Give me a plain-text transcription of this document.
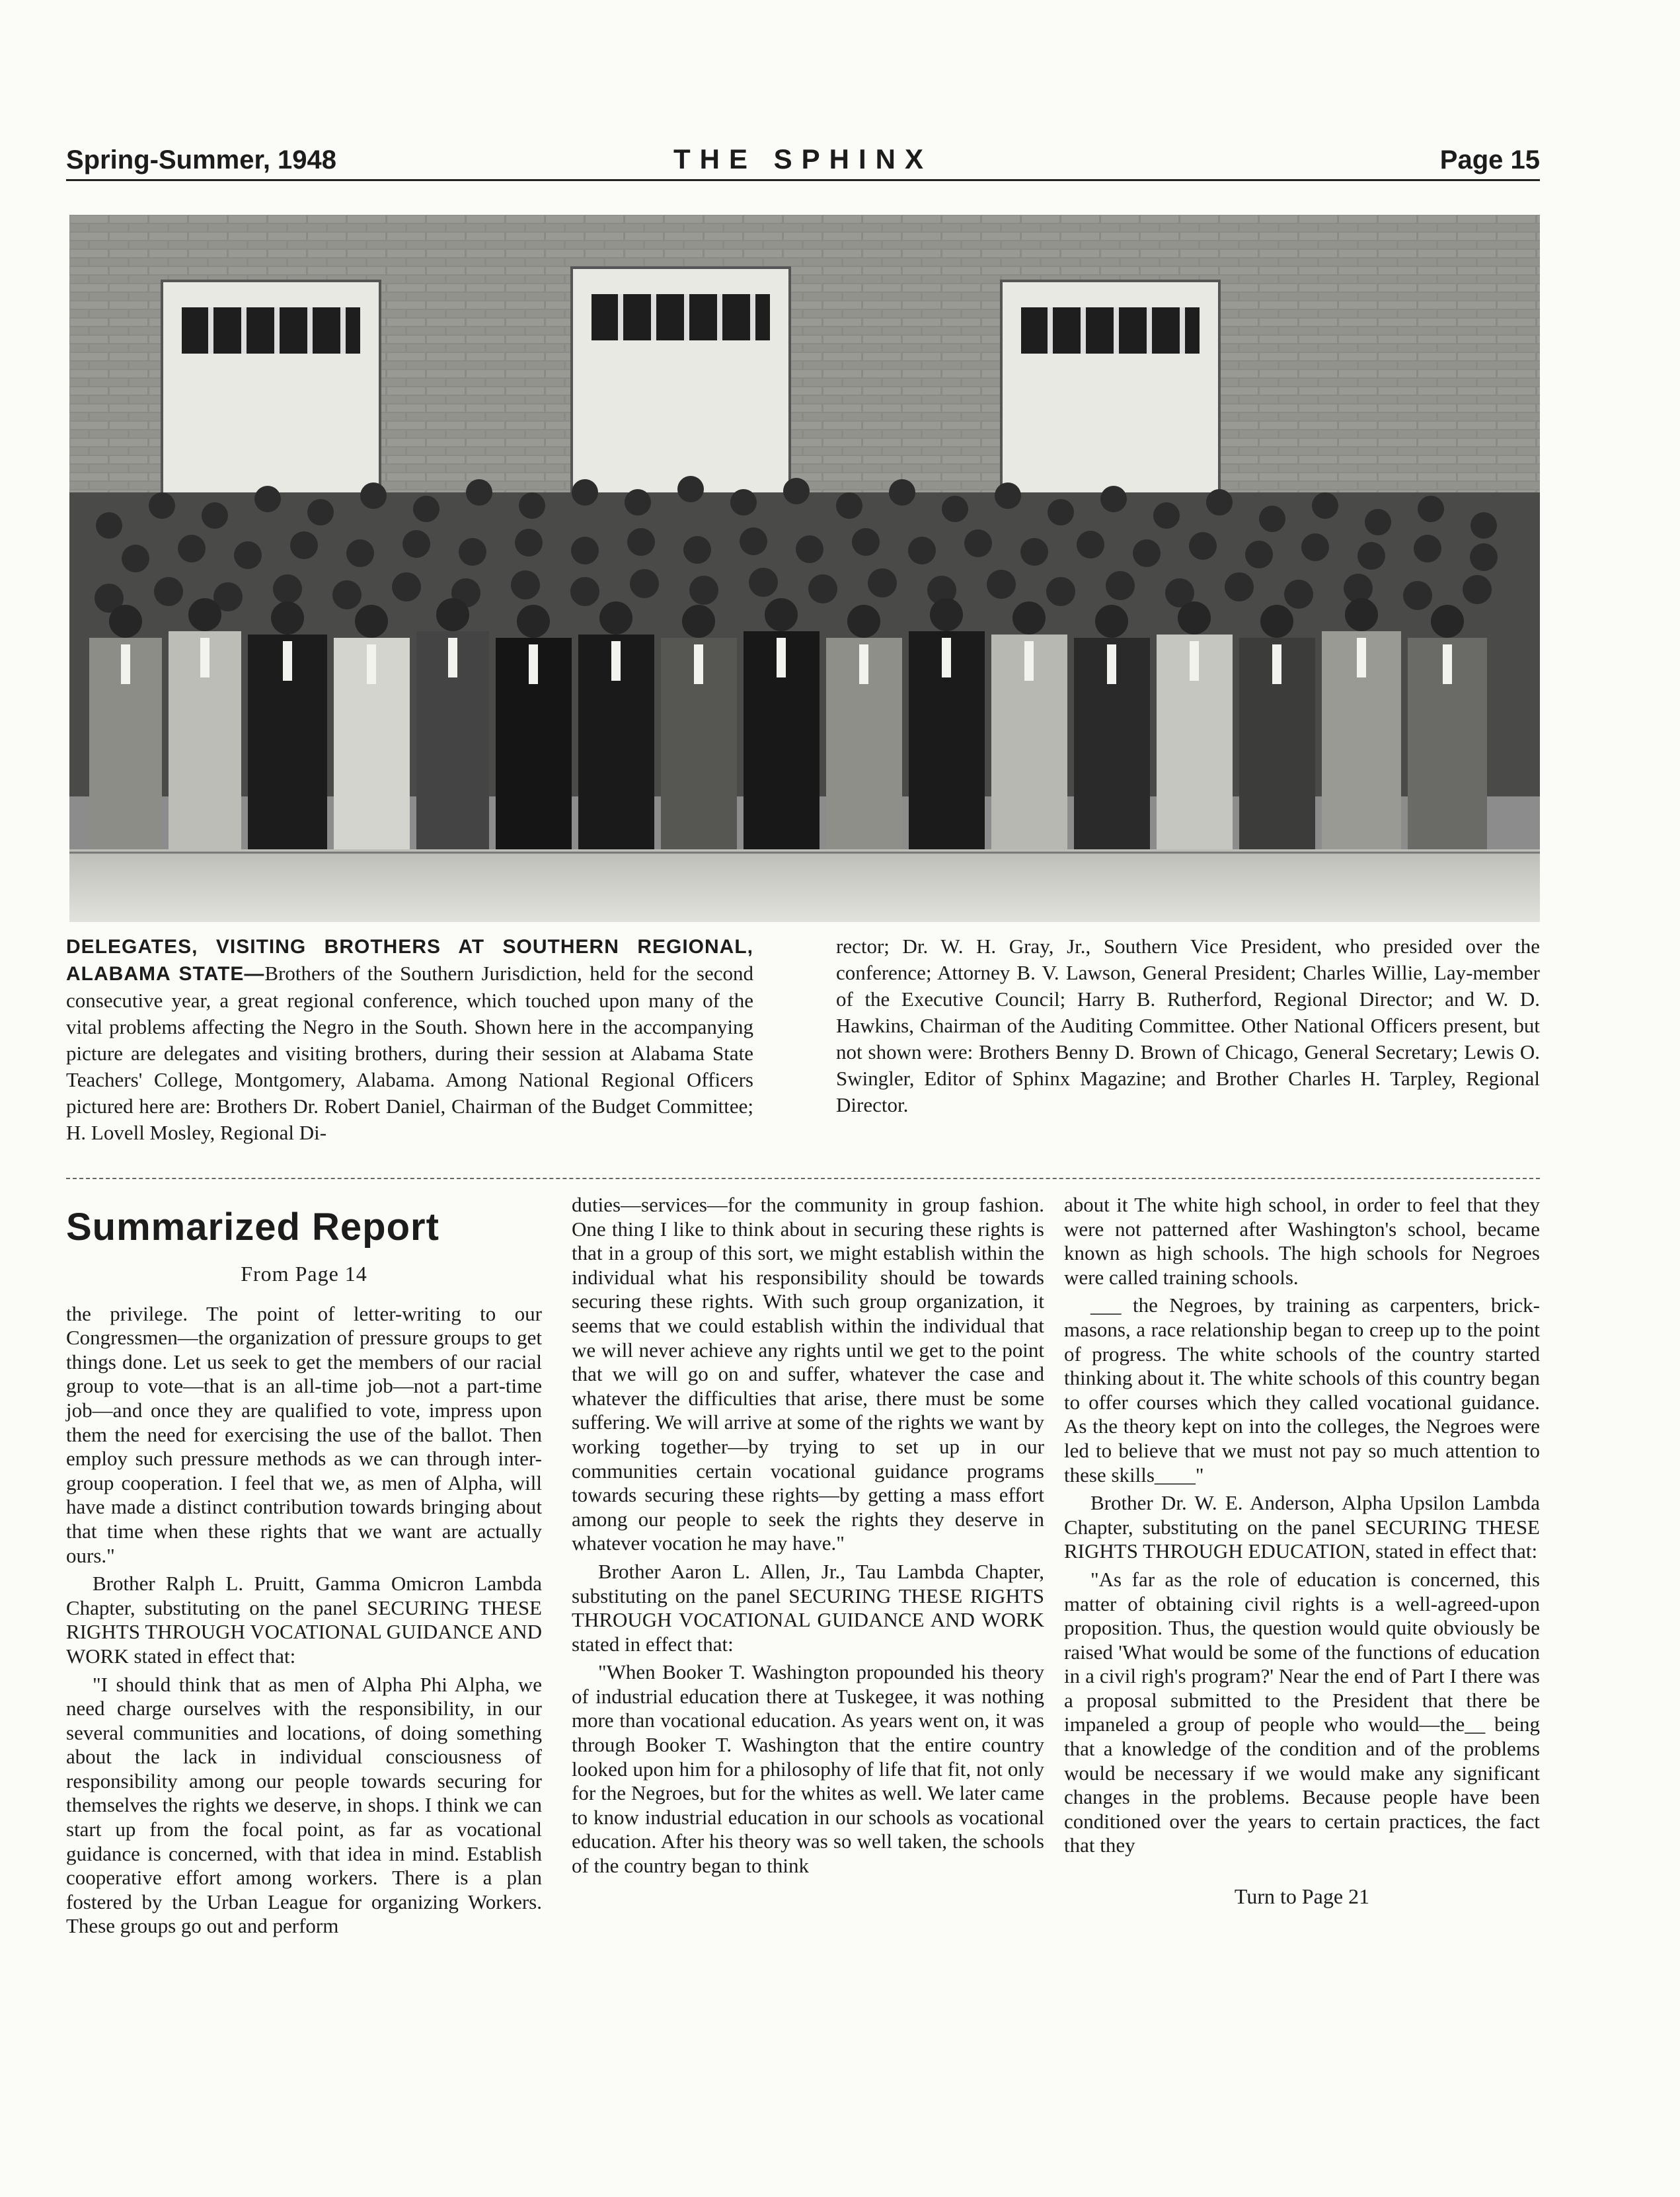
Spring-Summer, 1948	THE SPHINX	Page 15
DELEGATES, VISITING BROTHERS AT SOUTHERN REGIONAL, ALABAMA STATE—Brothers of the Southern Jurisdiction, held for the second consecutive year, a great regional conference, which touched upon many of the vital problems affecting the Negro in the South. Shown here in the accompanying picture are delegates and visiting brothers, during their session at Alabama State Teachers' College, Montgomery, Alabama. Among National Regional Officers pictured here are: Brothers Dr. Robert Daniel, Chairman of the Budget Committee; H. Lovell Mosley, Regional Di-
rector; Dr. W. H. Gray, Jr., Southern Vice President, who presided over the conference; Attorney B. V. Lawson, General President; Charles Willie, Lay-member of the Executive Council; Harry B. Rutherford, Regional Director; and W. D. Hawkins, Chairman of the Auditing Committee. Other National Officers present, but not shown were: Brothers Benny D. Brown of Chicago, General Secretary; Lewis O. Swingler, Editor of Sphinx Magazine; and Brother Charles H. Tarpley, Regional Director.
Summarized Report
From Page 14

the privilege. The point of letter-writing to our Congressmen—the organization of pressure groups to get things done. Let us seek to get the members of our racial group to vote—that is an all-time job—not a part-time job—and once they are qualified to vote, impress upon them the need for exercising the use of the ballot. Then employ such pressure methods as we can through inter-group cooperation. I feel that we, as men of Alpha, will have made a distinct contribution towards bringing about that time when these rights that we want are actually ours."

Brother Ralph L. Pruitt, Gamma Omicron Lambda Chapter, substituting on the panel SECURING THESE RIGHTS THROUGH VOCATIONAL GUIDANCE AND WORK stated in effect that:

"I should think that as men of Alpha Phi Alpha, we need charge ourselves with the responsibility, in our several communities and locations, of doing something about the lack in individual consciousness of responsibility among our people towards securing for themselves the rights we deserve, in shops. I think we can start up from the focal point, as far as vocational guidance is concerned, with that idea in mind. Establish cooperative effort among workers. There is a plan fostered by the Urban League for organizing Workers. These groups go out and perform

duties—services—for the community in group fashion. One thing I like to think about in securing these rights is that in a group of this sort, we might establish within the individual what his responsibility should be towards securing these rights. With such group organization, it seems that we could establish within the individual that we will never achieve any rights until we get to the point that we will go on and suffer, whatever the case and whatever the difficulties that arise, there must be some suffering. We will arrive at some of the rights we want by working together—by trying to set up in our communities certain vocational guidance programs towards securing these rights—by getting a mass effort among our people to seek the rights they deserve in whatever vocation he may have."

Brother Aaron L. Allen, Jr., Tau Lambda Chapter, substituting on the panel SECURING THESE RIGHTS THROUGH VOCATIONAL GUIDANCE AND WORK stated in effect that:

"When Booker T. Washington propounded his theory of industrial education there at Tuskegee, it was nothing more than vocational education. As years went on, it was through Booker T. Washington that the entire country looked upon him for a philosophy of life that fit, not only for the Negroes, but for the whites as well. We later came to know industrial education in our schools as vocational education. After his theory was so well taken, the schools of the country began to think

about it The white high school, in order to feel that they were not patterned after Washington's school, became known as high schools. The high schools for Negroes were called training schools.

___ the Negroes, by training as carpenters, brick-masons, a race relationship began to creep up to the point of progress. The white schools of the country started thinking about it. The white schools of this country began to offer courses which they called vocational guidance. As the theory kept on into the colleges, the Negroes were led to believe that we must not pay so much attention to these skills____"

Brother Dr. W. E. Anderson, Alpha Upsilon Lambda Chapter, substituting on the panel SECURING THESE RIGHTS THROUGH EDUCATION, stated in effect that:

"As far as the role of education is concerned, this matter of obtaining civil rights is a well-agreed-upon proposition. Thus, the question would quite obviously be raised 'What would be some of the functions of education in a civil righ's program?' Near the end of Part I there was a proposal submitted to the President that there be impaneled a group of people who would—the__ being that a knowledge of the condition and of the problems would be necessary if we would make any significant changes in the problems. Because people have been conditioned over the years to certain practices, the fact that they

Turn to Page 21
